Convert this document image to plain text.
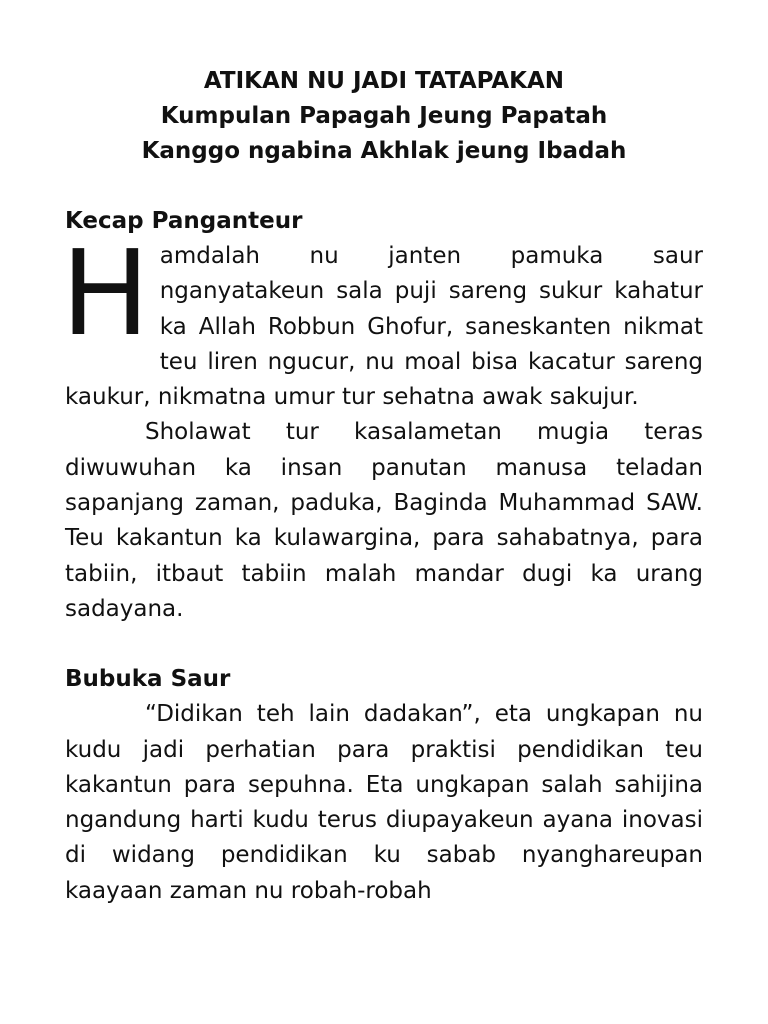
ATIKAN NU JADI TATAPAKAN
Kumpulan Papagah Jeung Papatah
Kanggo ngabina Akhlak jeung Ibadah
Kecap Panganteur

Hamdalah nu janten pamuka saur nganyatakeun sala puji sareng sukur kahatur ka Allah Robbun Ghofur, saneskanten nikmat teu liren ngucur, nu moal bisa kacatur sareng kaukur, nikmatna umur tur sehatna awak sakujur.

Sholawat tur kasalametan mugia teras diwuwuhan ka insan panutan manusa teladan sapanjang zaman, paduka, Baginda Muhammad SAW. Teu kakantun ka kulawargina, para sahabatnya, para tabiin, itbaut tabiin malah mandar dugi ka urang sadayana.

Bubuka Saur

“Didikan teh lain dadakan”, eta ungkapan nu kudu jadi perhatian para praktisi pendidikan teu kakantun para sepuhna. Eta ungkapan salah sahijina ngandung harti kudu terus diupayakeun ayana inovasi di widang pendidikan ku sabab nyanghareupan kaayaan zaman nu robah-robah
